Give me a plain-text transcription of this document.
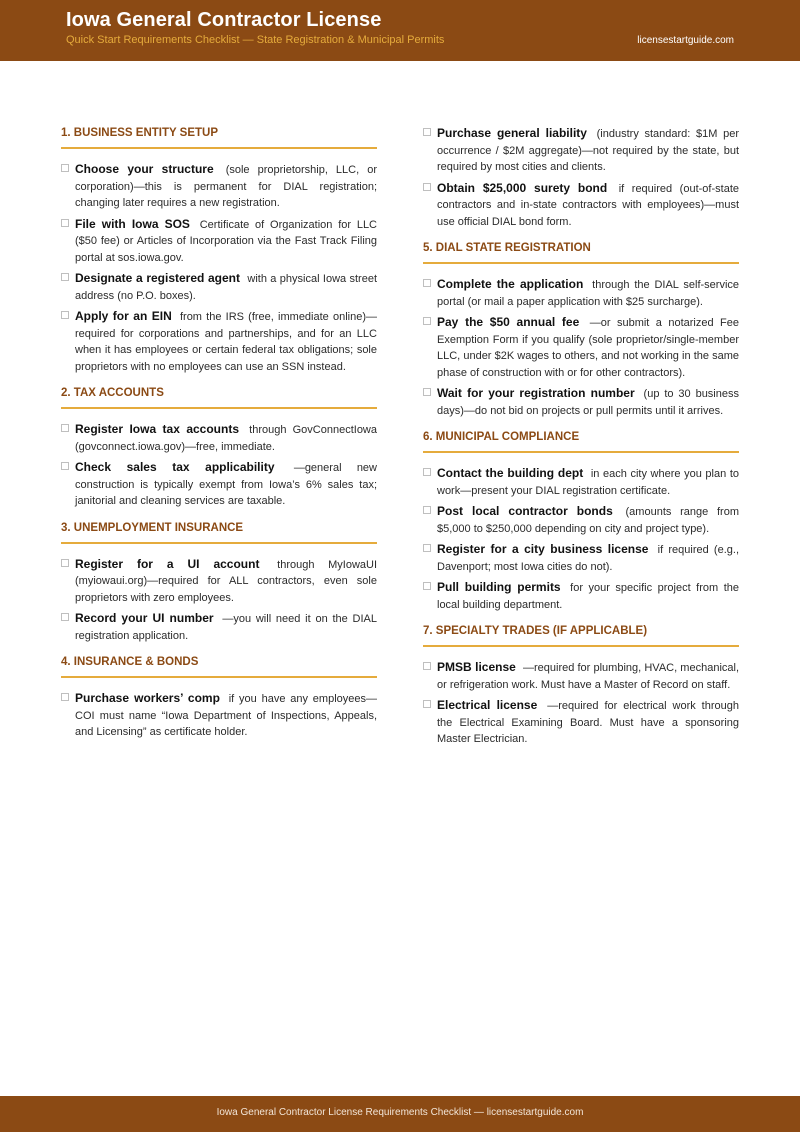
Iowa General Contractor License
Quick Start Requirements Checklist — State Registration & Municipal Permits	licensestartguide.com
1. BUSINESS ENTITY SETUP
Choose your structure (sole proprietorship, LLC, or corporation)—this is permanent for DIAL registration; changing later requires a new registration.
File with Iowa SOS Certificate of Organization for LLC ($50 fee) or Articles of Incorporation via the Fast Track Filing portal at sos.iowa.gov.
Designate a registered agent with a physical Iowa street address (no P.O. boxes).
Apply for an EIN from the IRS (free, immediate online)—required for corporations and partnerships, and for an LLC when it has employees or certain federal tax obligations; sole proprietors with no employees can use an SSN instead.
2. TAX ACCOUNTS
Register Iowa tax accounts through GovConnectIowa (govconnect.iowa.gov)—free, immediate.
Check sales tax applicability —general new construction is typically exempt from Iowa’s 6% sales tax; janitorial and cleaning services are taxable.
3. UNEMPLOYMENT INSURANCE
Register for a UI account through MyIowaUI (myiowaui.org)—required for ALL contractors, even sole proprietors with zero employees.
Record your UI number —you will need it on the DIAL registration application.
4. INSURANCE & BONDS
Purchase workers’ comp if you have any employees—COI must name “Iowa Department of Inspections, Appeals, and Licensing” as certificate holder.
Purchase general liability (industry standard: $1M per occurrence / $2M aggregate)—not required by the state, but required by most cities and clients.
Obtain $25,000 surety bond if required (out-of-state contractors and in-state contractors with employees)—must use official DIAL bond form.
5. DIAL STATE REGISTRATION
Complete the application through the DIAL self-service portal (or mail a paper application with $25 surcharge).
Pay the $50 annual fee —or submit a notarized Fee Exemption Form if you qualify (sole proprietor/single-member LLC, under $2K wages to others, and not working in the same phase of construction with or for other contractors).
Wait for your registration number (up to 30 business days)—do not bid on projects or pull permits until it arrives.
6. MUNICIPAL COMPLIANCE
Contact the building dept in each city where you plan to work—present your DIAL registration certificate.
Post local contractor bonds (amounts range from $5,000 to $250,000 depending on city and project type).
Register for a city business license if required (e.g., Davenport; most Iowa cities do not).
Pull building permits for your specific project from the local building department.
7. SPECIALTY TRADES (IF APPLICABLE)
PMSB license —required for plumbing, HVAC, mechanical, or refrigeration work. Must have a Master of Record on staff.
Electrical license —required for electrical work through the Electrical Examining Board. Must have a sponsoring Master Electrician.
Iowa General Contractor License Requirements Checklist — licensestartguide.com
